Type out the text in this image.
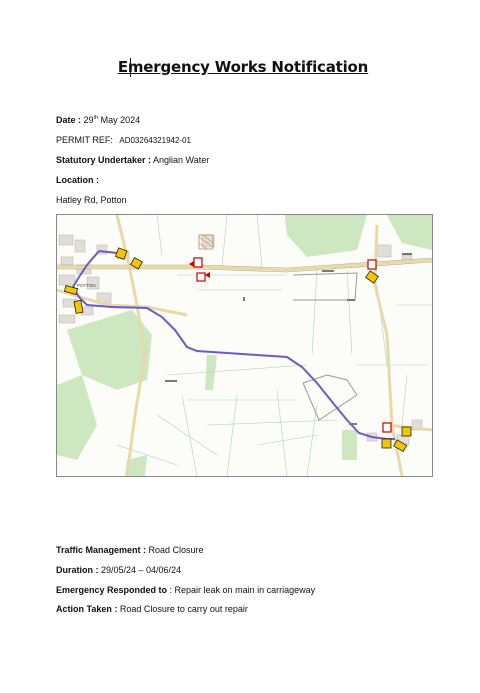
Emergency Works Notification
Date : 29th May 2024
PERMIT REF: AD03264321942-01
Statutory Undertaker : Anglian Water
Location :
Hatley Rd, Potton
POTTON
Traffic Management : Road Closure
Duration : 29/05/24 – 04/06/24
Emergency Responded to : Repair leak on main in carriageway
Action Taken : Road Closure to carry out repair
